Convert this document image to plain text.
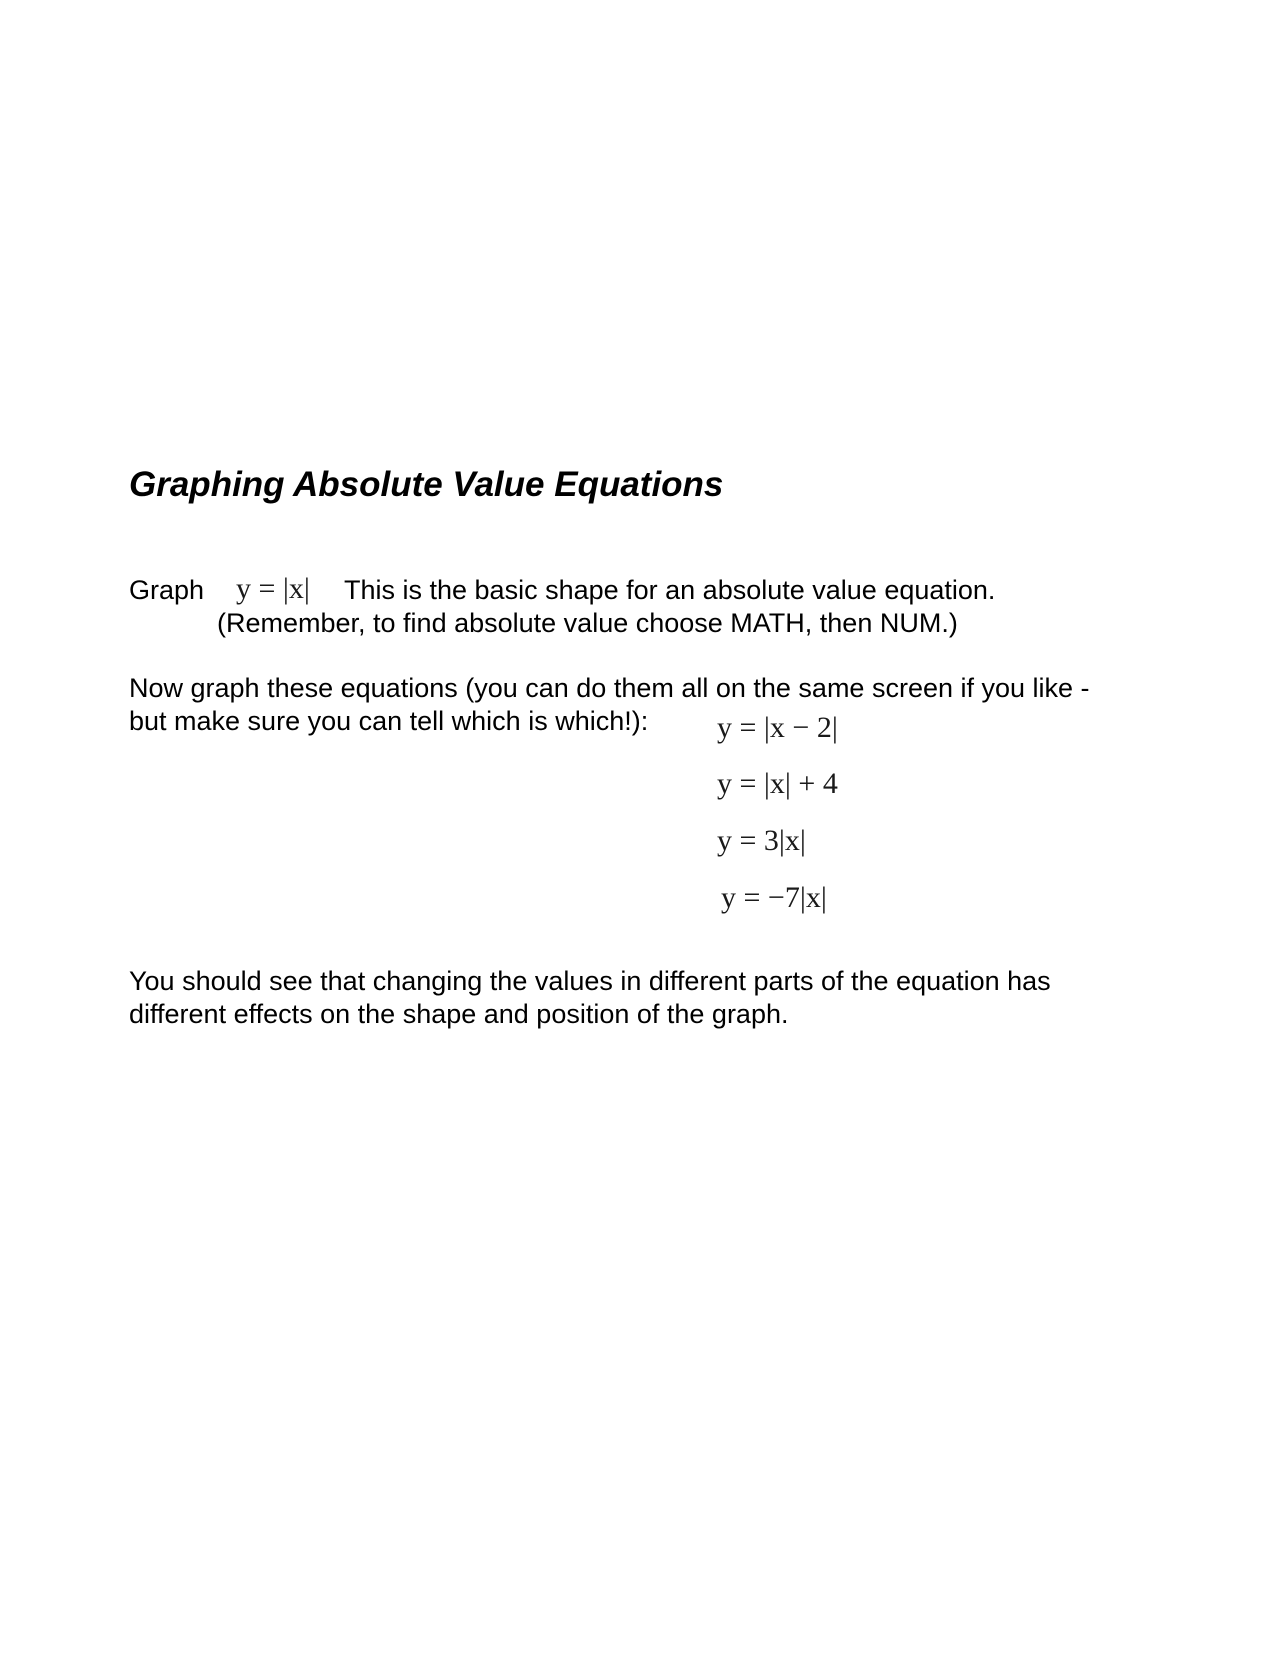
Graphing Absolute Value Equations
Graph y = |x| This is the basic shape for an absolute value equation.
(Remember, to find absolute value choose MATH, then NUM.)
Now graph these equations (you can do them all on the same screen if you like -
but make sure you can tell which is which!): y = |x − 2|
y = |x| + 4
y = 3|x|
y = −7|x|
You should see that changing the values in different parts of the equation has
different effects on the shape and position of the graph.
